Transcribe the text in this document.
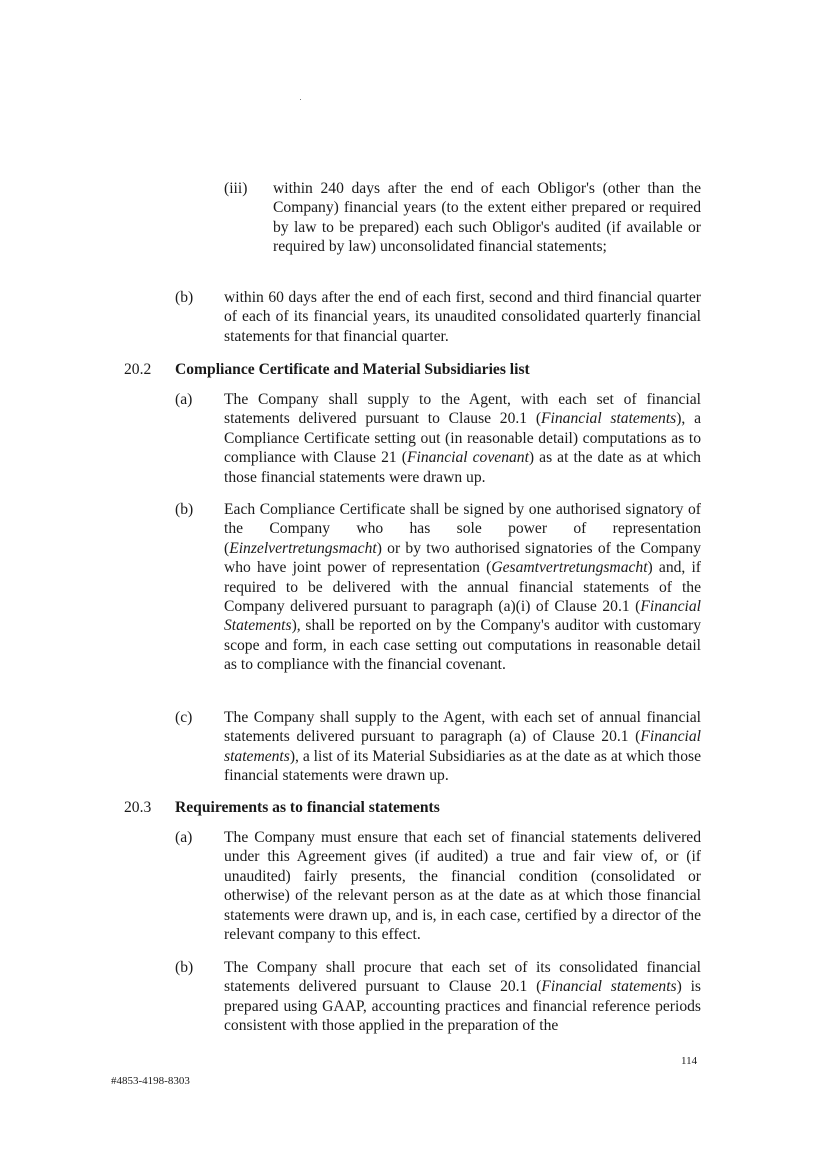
(iii) within 240 days after the end of each Obligor's (other than the Company) financial years (to the extent either prepared or required by law to be prepared) each such Obligor's audited (if available or required by law) unconsolidated financial statements;
(b) within 60 days after the end of each first, second and third financial quarter of each of its financial years, its unaudited consolidated quarterly financial statements for that financial quarter.
20.2 Compliance Certificate and Material Subsidiaries list
(a) The Company shall supply to the Agent, with each set of financial statements delivered pursuant to Clause 20.1 (Financial statements), a Compliance Certificate setting out (in reasonable detail) computations as to compliance with Clause 21 (Financial covenant) as at the date as at which those financial statements were drawn up.
(b) Each Compliance Certificate shall be signed by one authorised signatory of the Company who has sole power of representation (Einzelvertretungsmacht) or by two authorised signatories of the Company who have joint power of representation (Gesamtvertretungsmacht) and, if required to be delivered with the annual financial statements of the Company delivered pursuant to paragraph (a)(i) of Clause 20.1 (Financial Statements), shall be reported on by the Company's auditor with customary scope and form, in each case setting out computations in reasonable detail as to compliance with the financial covenant.
(c) The Company shall supply to the Agent, with each set of annual financial statements delivered pursuant to paragraph (a) of Clause 20.1 (Financial statements), a list of its Material Subsidiaries as at the date as at which those financial statements were drawn up.
20.3 Requirements as to financial statements
(a) The Company must ensure that each set of financial statements delivered under this Agreement gives (if audited) a true and fair view of, or (if unaudited) fairly presents, the financial condition (consolidated or otherwise) of the relevant person as at the date as at which those financial statements were drawn up, and is, in each case, certified by a director of the relevant company to this effect.
(b) The Company shall procure that each set of its consolidated financial statements delivered pursuant to Clause 20.1 (Financial statements) is prepared using GAAP, accounting practices and financial reference periods consistent with those applied in the preparation of the
114
#4853-4198-8303
